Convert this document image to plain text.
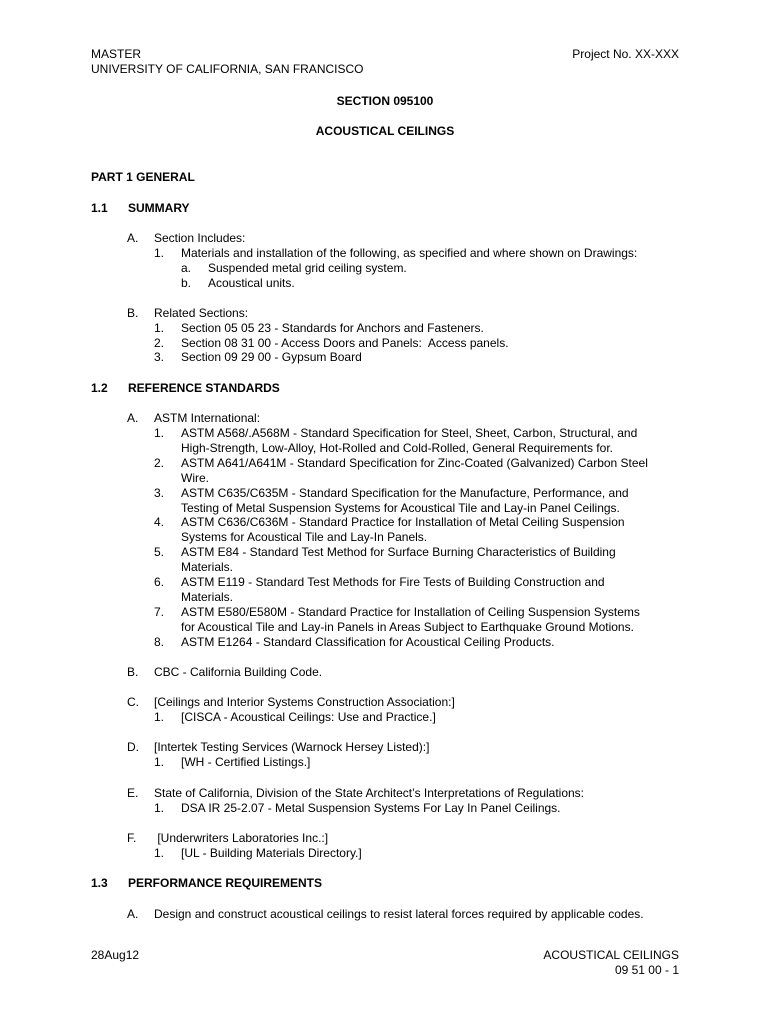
MASTER

UNIVERSITY OF CALIFORNIA, SAN FRANCISCO

Project No. XX-XXX
SECTION 095100
ACOUSTICAL CEILINGS
PART 1 GENERAL
1.1 SUMMARY
A. Section Includes:
1. Materials and installation of the following, as specified and where shown on Drawings:
a. Suspended metal grid ceiling system.
b. Acoustical units.
B. Related Sections:
1. Section 05 05 23 - Standards for Anchors and Fasteners.
2. Section 08 31 00 - Access Doors and Panels:  Access panels.
3. Section 09 29 00 - Gypsum Board
1.2 REFERENCE STANDARDS
A. ASTM International:
1. ASTM A568/.A568M - Standard Specification for Steel, Sheet, Carbon, Structural, and
High-Strength, Low-Alloy, Hot-Rolled and Cold-Rolled, General Requirements for.
2. ASTM A641/A641M - Standard Specification for Zinc-Coated (Galvanized) Carbon Steel
Wire.
3. ASTM C635/C635M - Standard Specification for the Manufacture, Performance, and
Testing of Metal Suspension Systems for Acoustical Tile and Lay-in Panel Ceilings.
4. ASTM C636/C636M - Standard Practice for Installation of Metal Ceiling Suspension
Systems for Acoustical Tile and Lay-In Panels.
5. ASTM E84 - Standard Test Method for Surface Burning Characteristics of Building
Materials.
6. ASTM E119 - Standard Test Methods for Fire Tests of Building Construction and
Materials.
7. ASTM E580/E580M - Standard Practice for Installation of Ceiling Suspension Systems
for Acoustical Tile and Lay-in Panels in Areas Subject to Earthquake Ground Motions.
8. ASTM E1264 - Standard Classification for Acoustical Ceiling Products.
B. CBC - California Building Code.
C. [Ceilings and Interior Systems Construction Association:]
1. [CISCA - Acoustical Ceilings: Use and Practice.]
D. [Intertek Testing Services (Warnock Hersey Listed):]
1. [WH - Certified Listings.]
E. State of California, Division of the State Architect’s Interpretations of Regulations:
1. DSA IR 25-2.07 - Metal Suspension Systems For Lay In Panel Ceilings.
F. [Underwriters Laboratories Inc.:]
1. [UL - Building Materials Directory.]
1.3 PERFORMANCE REQUIREMENTS
A. Design and construct acoustical ceilings to resist lateral forces required by applicable codes.
28Aug12	ACOUSTICAL CEILINGS

09 51 00 - 1
